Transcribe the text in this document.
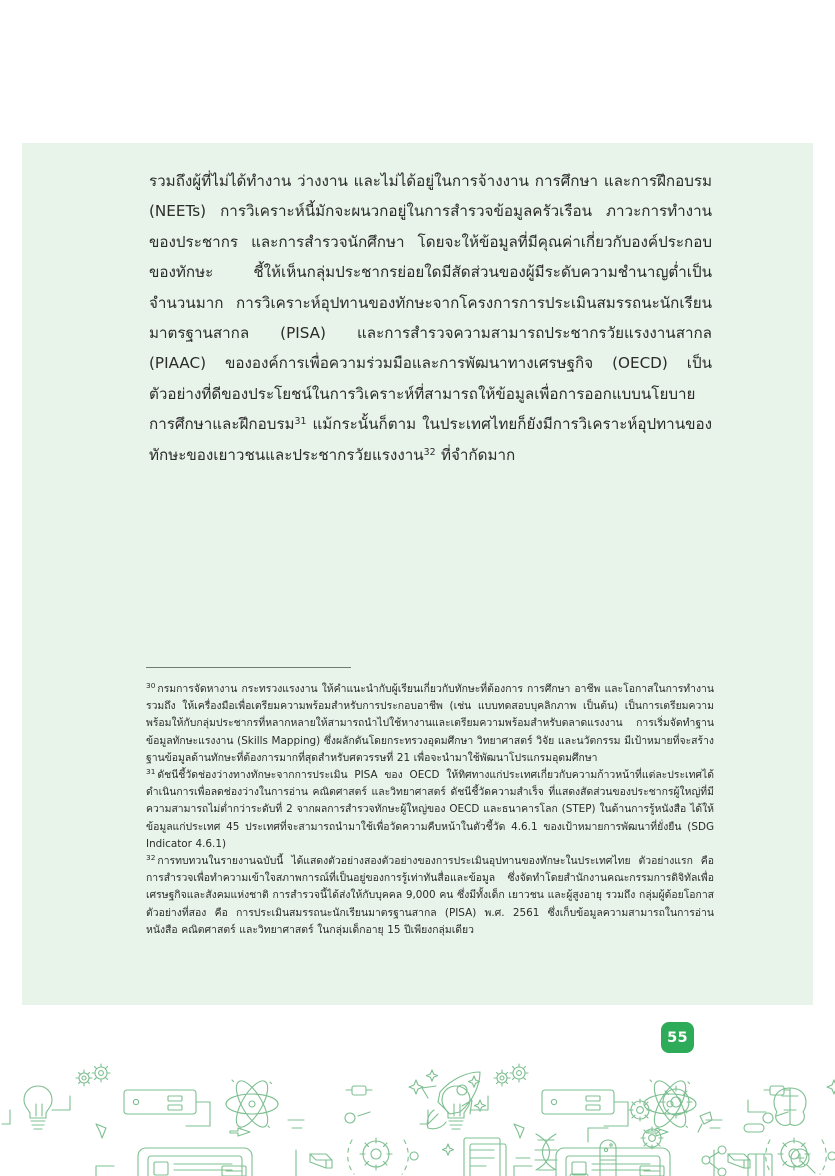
รวมถึงผู้ที่ไม่ได้ทำงาน ว่างงาน และไม่ได้อยู่ในการจ้างงาน การศึกษา และการฝึกอบรม (NEETs) การวิเคราะห์นี้มักจะผนวกอยู่ในการสำรวจข้อมูลครัวเรือน ภาวะการทำงานของประชากร และการสำรวจนักศึกษา โดยจะให้ข้อมูลที่มีคุณค่าเกี่ยวกับองค์ประกอบของทักษะ ชี้ให้เห็นกลุ่มประชากรย่อยใดมีสัดส่วนของผู้มีระดับความชำนาญต่ำเป็นจำนวนมาก การวิเคราะห์อุปทานของทักษะจากโครงการการประเมินสมรรถนะนักเรียนมาตรฐานสากล (PISA) และการสำรวจความสามารถประชากรวัยแรงงานสากล (PIAAC) ขององค์การเพื่อความร่วมมือและการพัฒนาทางเศรษฐกิจ (OECD) เป็นตัวอย่างที่ดีของประโยชน์ในการวิเคราะห์ที่สามารถให้ข้อมูลเพื่อการออกแบบนโยบายการศึกษาและฝึกอบรม$^{31}$ แม้กระนั้นก็ตาม ในประเทศไทยก็ยังมีการวิเคราะห์อุปทานของทักษะของเยาวชนและประชากรวัยแรงงาน$^{32}$ ที่จำกัดมาก

$^{30}$ กรมการจัดหางาน กระทรวงแรงงาน ให้คำแนะนำกับผู้เรียนเกี่ยวกับทักษะที่ต้องการ การศึกษา อาชีพ และโอกาสในการทำงาน รวมถึง ให้เครื่องมือเพื่อเตรียมความพร้อมสำหรับการประกอบอาชีพ (เช่น แบบทดสอบบุคลิกภาพ เป็นต้น) เป็นการเตรียมความพร้อมให้กับกลุ่มประชากรที่หลากหลายให้สามารถนำไปใช้หางานและเตรียมความพร้อมสำหรับตลาดแรงงาน การเริ่มจัดทำฐานข้อมูลทักษะแรงงาน (Skills Mapping) ซึ่งผลักดันโดยกระทรวงอุดมศึกษา วิทยาศาสตร์ วิจัย และนวัตกรรม มีเป้าหมายที่จะสร้างฐานข้อมูลด้านทักษะที่ต้องการมากที่สุดสำหรับศตวรรษที่ 21 เพื่อจะนำมาใช้พัฒนาโปรแกรมอุดมศึกษา

$^{31}$ ดัชนีชี้วัดช่องว่างทางทักษะจากการประเมิน PISA ของ OECD ให้ทิศทางแก่ประเทศเกี่ยวกับความก้าวหน้าที่แต่ละประเทศได้ดำเนินการเพื่อลดช่องว่างในการอ่าน คณิตศาสตร์ และวิทยาศาสตร์ ดัชนีชี้วัดความสำเร็จ ที่แสดงสัดส่วนของประชากรผู้ใหญ่ที่มีความสามารถไม่ต่ำกว่าระดับที่ 2 จากผลการสำรวจทักษะผู้ใหญ่ของ OECD และธนาคารโลก (STEP) ในด้านการรู้หนังสือ ได้ให้ข้อมูลแก่ประเทศ 45 ประเทศที่จะสามารถนำมาใช้เพื่อวัดความคืบหน้าในตัวชี้วัด 4.6.1 ของเป้าหมายการพัฒนาที่ยั่งยืน (SDG Indicator 4.6.1)

$^{32}$ การทบทวนในรายงานฉบับนี้ ได้แสดงตัวอย่างสองตัวอย่างของการประเมินอุปทานของทักษะในประเทศไทย ตัวอย่างแรก คือ การสำรวจเพื่อทำความเข้าใจสภาพการณ์ที่เป็นอยู่ของการรู้เท่าทันสื่อและข้อมูล ซึ่งจัดทำโดยสำนักงานคณะกรรมการดิจิทัลเพื่อเศรษฐกิจและสังคมแห่งชาติ การสำรวจนี้ได้ส่งให้กับบุคคล 9,000 คน ซึ่งมีทั้งเด็ก เยาวชน และผู้สูงอายุ รวมถึง กลุ่มผู้ด้อยโอกาส ตัวอย่างที่สอง คือ การประเมินสมรรถนะนักเรียนมาตรฐานสากล (PISA) พ.ศ. 2561 ซึ่งเก็บข้อมูลความสามารถในการอ่านหนังสือ คณิตศาสตร์ และวิทยาศาสตร์ ในกลุ่มเด็กอายุ 15 ปีเพียงกลุ่มเดียว

55
